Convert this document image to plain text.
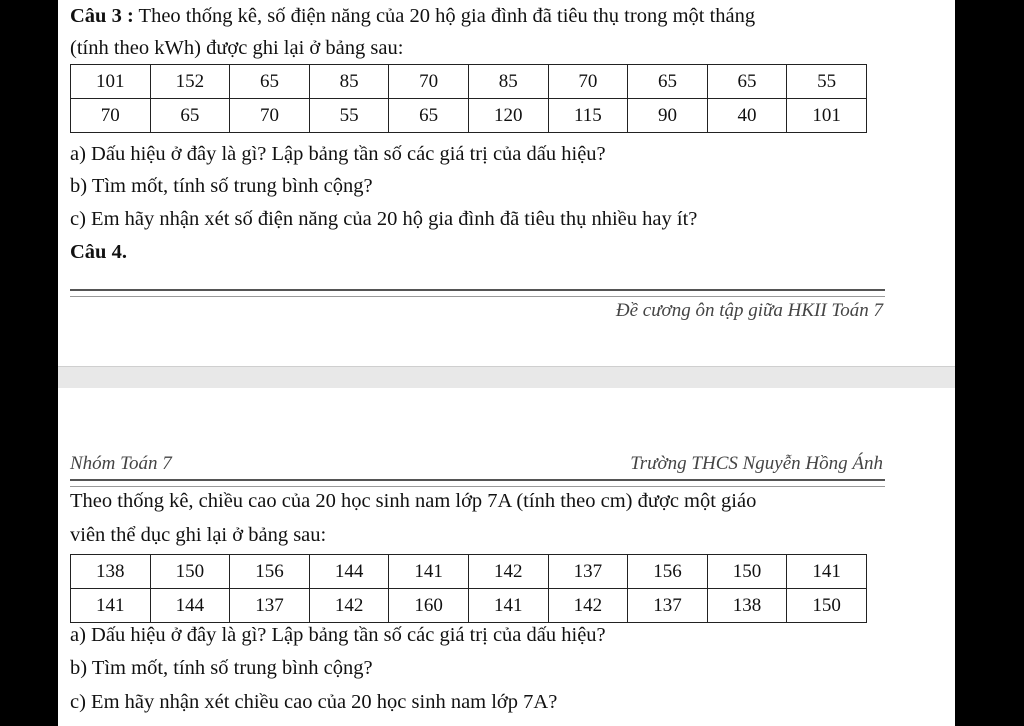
Câu 3 : Theo thống kê, số điện năng của 20 hộ gia đình đã tiêu thụ trong một tháng
(tính theo kWh) được ghi lại ở bảng sau:
101	152	65	85	70	85	70	65	65	55
70	65	70	55	65	120	115	90	40	101
a) Dấu hiệu ở đây là gì? Lập bảng tần số các giá trị của dấu hiệu?
b) Tìm mốt, tính số trung bình cộng?
c) Em hãy nhận xét số điện năng của 20 hộ gia đình đã tiêu thụ nhiều hay ít?
Câu 4.
Đề cương ôn tập giữa HKII Toán 7
Nhóm Toán 7	Trường THCS Nguyễn Hồng Ánh
Theo thống kê, chiều cao của 20 học sinh nam lớp 7A (tính theo cm) được một giáo
viên thể dục ghi lại ở bảng sau:
138	150	156	144	141	142	137	156	150	141
141	144	137	142	160	141	142	137	138	150
a) Dấu hiệu ở đây là gì? Lập bảng tần số các giá trị của dấu hiệu?
b) Tìm mốt, tính số trung bình cộng?
c) Em hãy nhận xét chiều cao của 20 học sinh nam lớp 7A?
